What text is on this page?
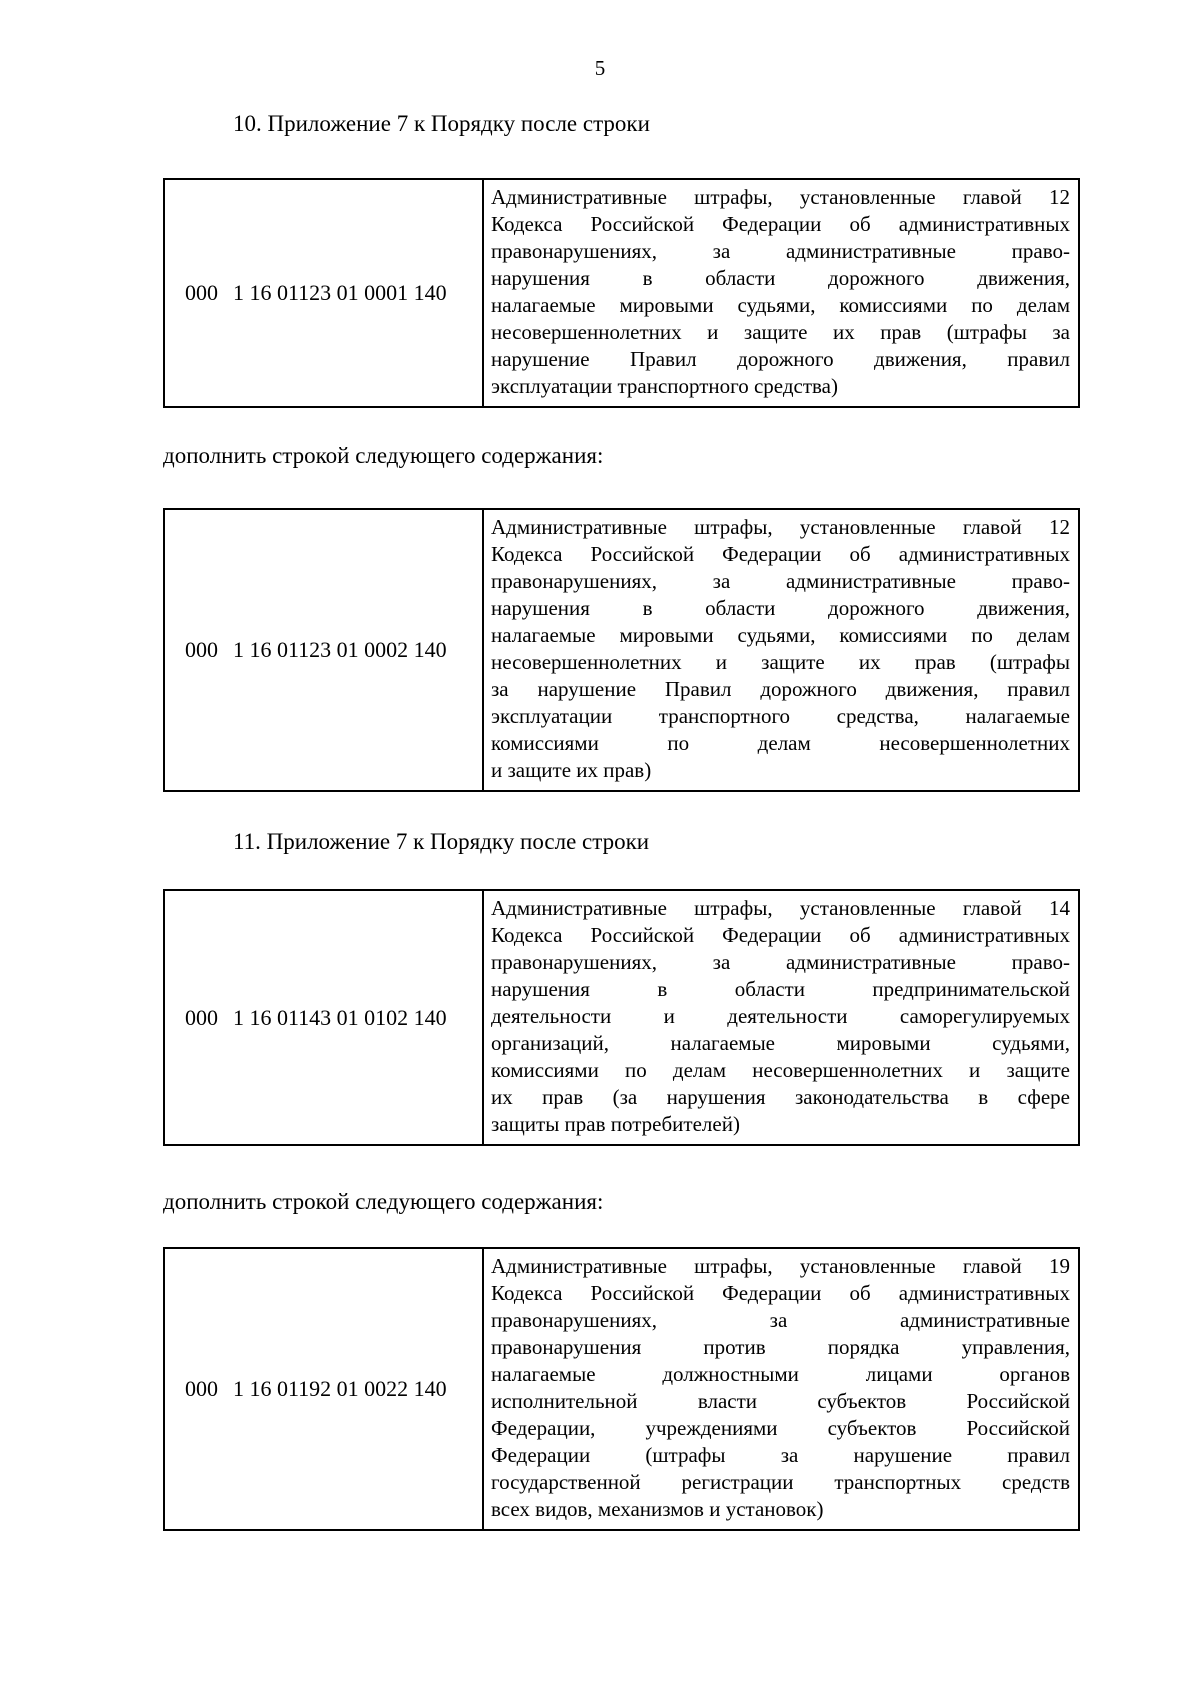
5
10. Приложение 7 к Порядку после строки
000 1 16 01123 01 0001 140
Административные штрафы, установленные главой 12
Кодекса Российской Федерации об административных
правонарушениях, за административные право-
нарушения в области дорожного движения,
налагаемые мировыми судьями, комиссиями по делам
несовершеннолетних и защите их прав (штрафы за
нарушение Правил дорожного движения, правил
эксплуатации транспортного средства)
дополнить строкой следующего содержания:
000 1 16 01123 01 0002 140
Административные штрафы, установленные главой 12
Кодекса Российской Федерации об административных
правонарушениях, за административные право-
нарушения в области дорожного движения,
налагаемые мировыми судьями, комиссиями по делам
несовершеннолетних и защите их прав (штрафы
за нарушение Правил дорожного движения, правил
эксплуатации транспортного средства, налагаемые
комиссиями по делам несовершеннолетних
и защите их прав)
11. Приложение 7 к Порядку после строки
000 1 16 01143 01 0102 140
Административные штрафы, установленные главой 14
Кодекса Российской Федерации об административных
правонарушениях, за административные право-
нарушения в области предпринимательской
деятельности и деятельности саморегулируемых
организаций, налагаемые мировыми судьями,
комиссиями по делам несовершеннолетних и защите
их прав (за нарушения законодательства в сфере
защиты прав потребителей)
дополнить строкой следующего содержания:
000 1 16 01192 01 0022 140
Административные штрафы, установленные главой 19
Кодекса Российской Федерации об административных
правонарушениях, за административные
правонарушения против порядка управления,
налагаемые должностными лицами органов
исполнительной власти субъектов Российской
Федерации, учреждениями субъектов Российской
Федерации (штрафы за нарушение правил
государственной регистрации транспортных средств
всех видов, механизмов и установок)
